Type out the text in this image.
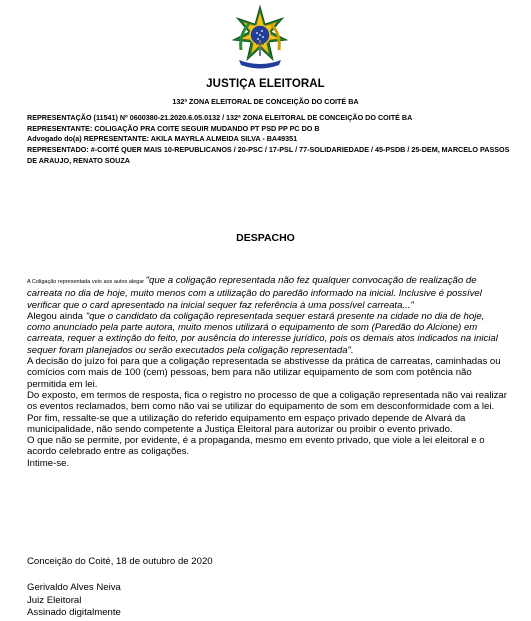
JUSTIÇA ELEITORAL
132ª ZONA ELEITORAL DE CONCEIÇÃO DO COITÉ BA
REPRESENTAÇÃO (11541) Nº 0600380-21.2020.6.05.0132 / 132ª ZONA ELEITORAL DE CONCEIÇÃO DO COITÉ BA
REPRESENTANTE: COLIGAÇÃO PRA COITE SEGUIR MUDANDO PT PSD PP PC DO B
Advogado do(a) REPRESENTANTE: AKILA MAYRLA ALMEIDA SILVA - BA49351
REPRESENTADO: #-COITÉ QUER MAIS 10-REPUBLICANOS / 20-PSC / 17-PSL / 77-SOLIDARIEDADE / 45-PSDB / 25-DEM, MARCELO PASSOS DE ARAUJO, RENATO SOUZA
DESPACHO

A Coligação representada veio aos autos alegar "que a coligação representada não fez qualquer convocação de realização de carreata no dia de hoje, muito menos com a utilização do paredão informado na inicial. Inclusive é possível verificar que o card apresentado na inicial sequer faz referência à uma possível carreata..."

Alegou ainda "que o candidato da coligação representada sequer estará presente na cidade no dia de hoje, como anunciado pela parte autora, muito menos utilizará o equipamento de som (Paredão do Alcione) em carreata, requer a extinção do feito, por ausência do interesse jurídico, pois os demais atos indicados na inicial sequer foram planejados ou serão executados pela coligação representada".

A decisão do juízo foi para que a coligação representada se abstivesse da prática de carreatas, caminhadas ou comícios com mais de 100 (cem) pessoas, bem para não utilizar equipamento de som com potência não permitida em lei.

Do exposto, em termos de resposta, fica o registro no processo de que a coligação representada não vai realizar os eventos reclamados, bem como não vai se utilizar do equipamento de som em desconformidade com a lei.

Por fim, ressalte-se que a utilização do referido equipamento em espaço privado depende de Alvará da municipalidade, não sendo competente a Justiça Eleitoral para autorizar ou proibir o evento privado.

O que não se permite, por evidente, é a propaganda, mesmo em evento privado, que viole a lei eleitoral e o acordo celebrado entre as coligações.

Intime-se.

Conceição do Coité, 18 de outubro de 2020
Gerivaldo Alves Neiva
Juiz Eleitoral
Assinado digitalmente
